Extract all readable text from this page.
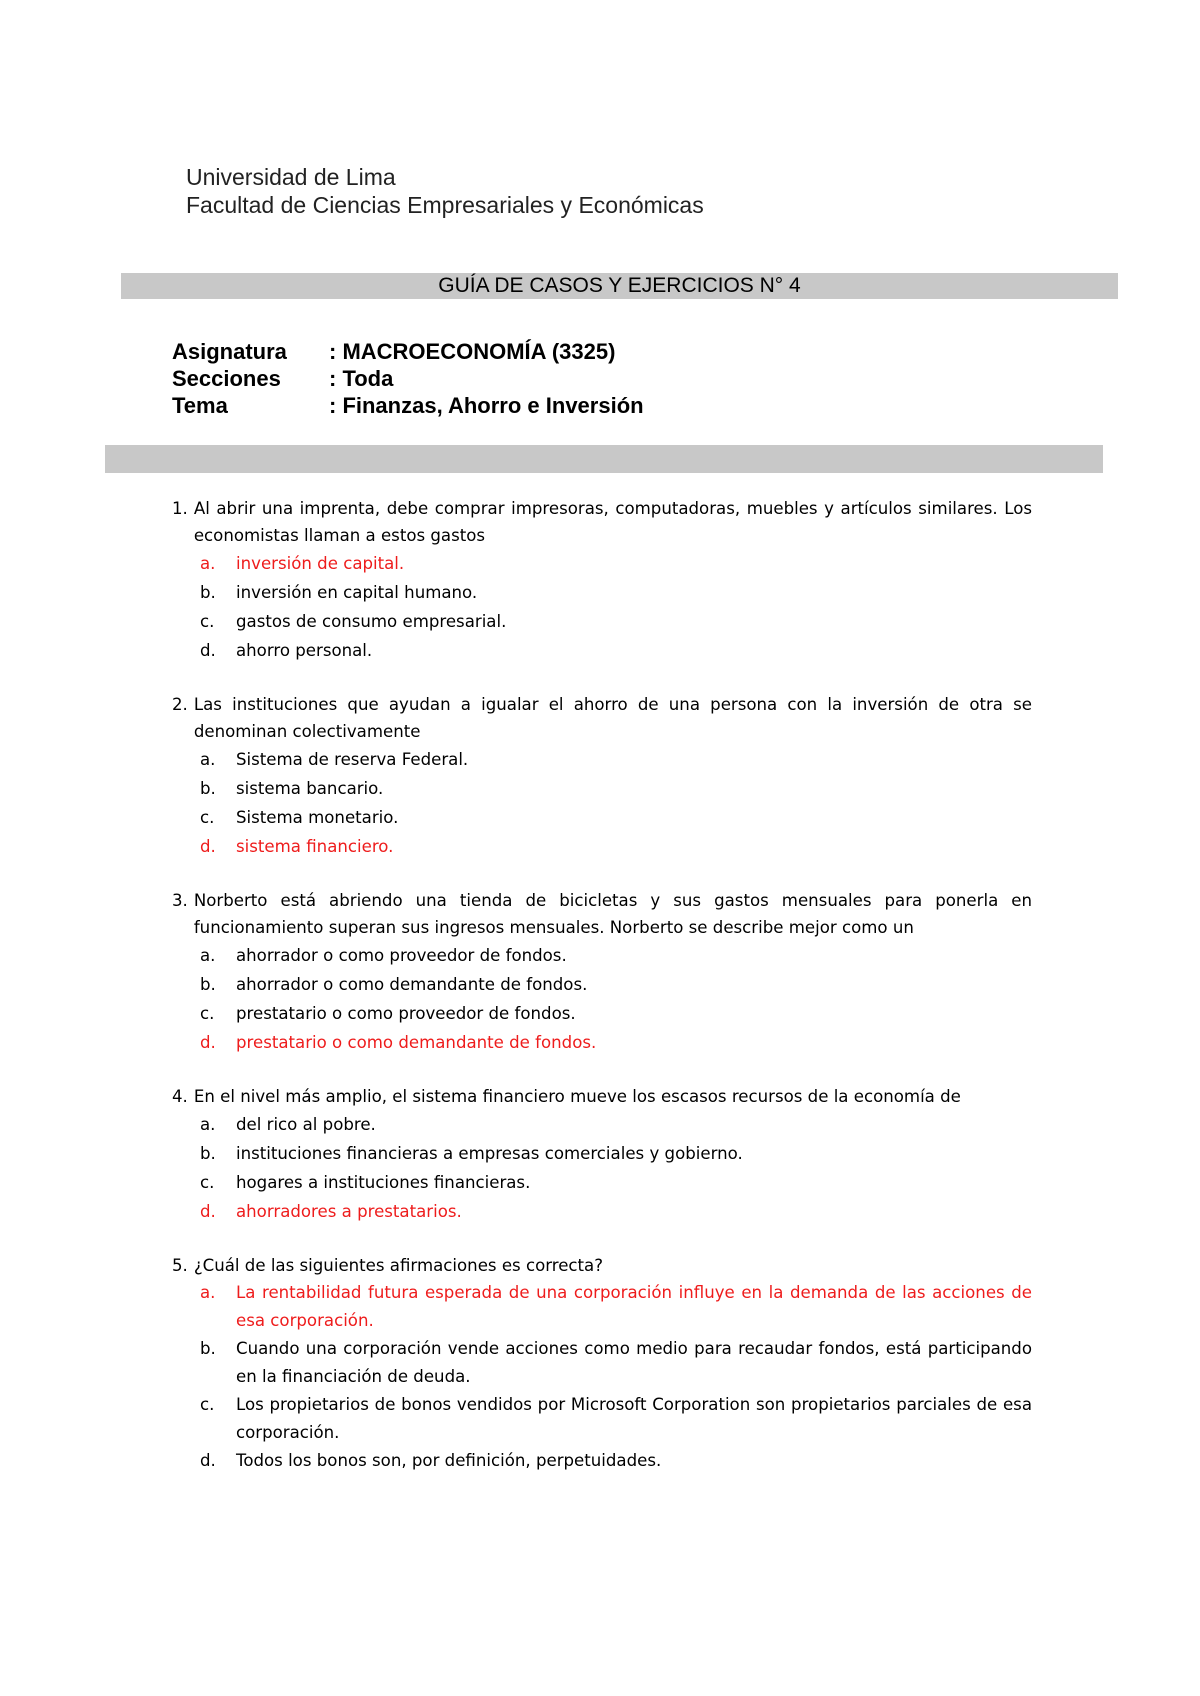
Universidad de Lima
Facultad de Ciencias Empresariales y Económicas
GUÍA DE CASOS Y EJERCICIOS N° 4
Asignatura	: MACROECONOMÍA (3325)
Secciones	: Toda
Tema	: Finanzas, Ahorro e Inversión
1. Al abrir una imprenta, debe comprar impresoras, computadoras, muebles y artículos similares. Los economistas llaman a estos gastos
a.	inversión de capital.
b.	inversión en capital humano.
c.	gastos de consumo empresarial.
d.	ahorro personal.
2. Las instituciones que ayudan a igualar el ahorro de una persona con la inversión de otra se denominan colectivamente
a.	Sistema de reserva Federal.
b.	sistema bancario.
c.	Sistema monetario.
d.	sistema financiero.
3. Norberto está abriendo una tienda de bicicletas y sus gastos mensuales para ponerla en funcionamiento superan sus ingresos mensuales. Norberto se describe mejor como un
a.	ahorrador o como proveedor de fondos.
b.	ahorrador o como demandante de fondos.
c.	prestatario o como proveedor de fondos.
d.	prestatario o como demandante de fondos.
4. En el nivel más amplio, el sistema financiero mueve los escasos recursos de la economía de
a.	del rico al pobre.
b.	instituciones financieras a empresas comerciales y gobierno.
c.	hogares a instituciones financieras.
d.	ahorradores a prestatarios.
5. ¿Cuál de las siguientes afirmaciones es correcta?
a.	La rentabilidad futura esperada de una corporación influye en la demanda de las acciones de esa corporación.
b.	Cuando una corporación vende acciones como medio para recaudar fondos, está participando en la financiación de deuda.
c.	Los propietarios de bonos vendidos por Microsoft Corporation son propietarios parciales de esa corporación.
d.	Todos los bonos son, por definición, perpetuidades.
